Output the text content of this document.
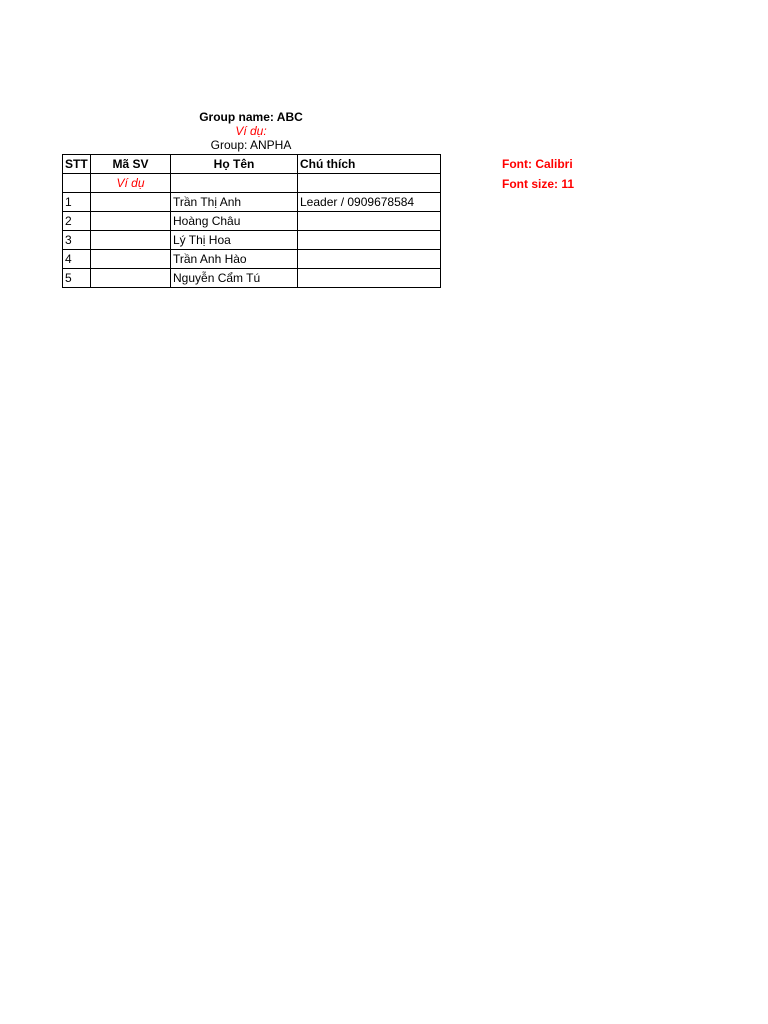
Group name: ABC
Ví dụ:
Group: ANPHA
STT	Mã SV	Họ Tên	Chú thích
	Ví dụ		
1		Trần Thị Anh	Leader / 0909678584
2		Hoàng Châu	
3		Lý Thị Hoa	
4		Trần Anh Hào	
5		Nguyễn Cẩm Tú	
Font: Calibri
Font size: 11
